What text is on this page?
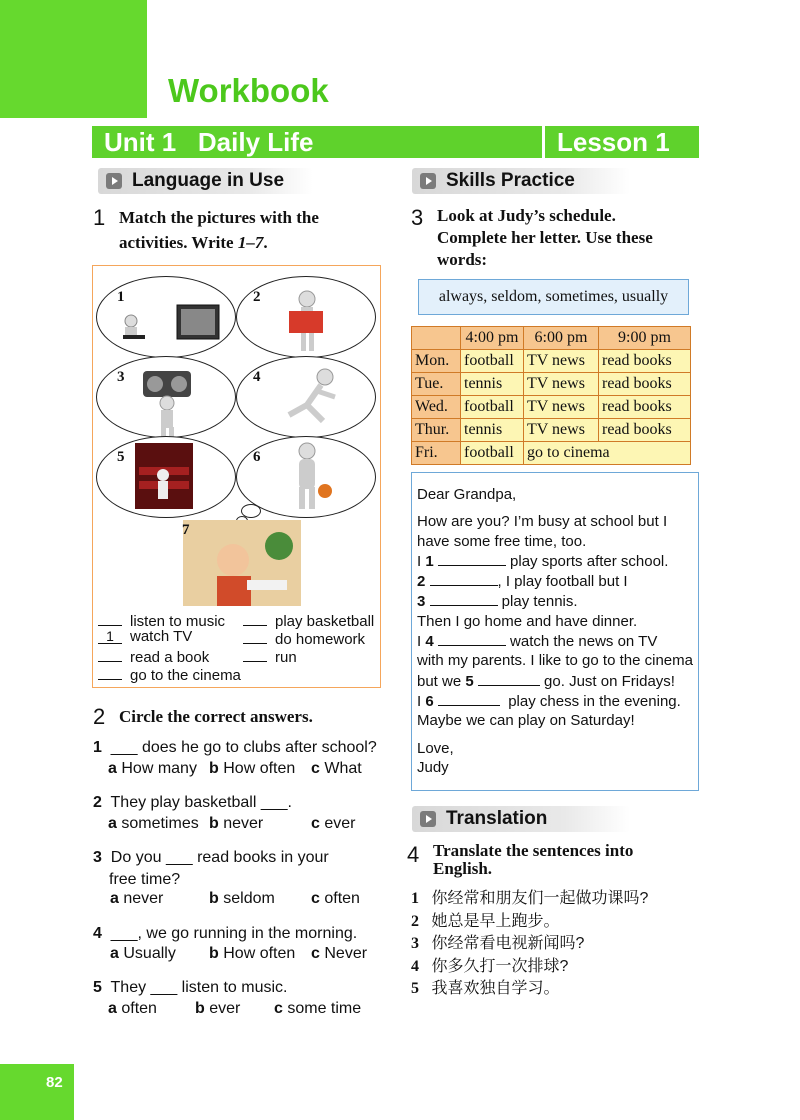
Workbook
Unit 1   Daily Life	Lesson 1
Language in Use
1 Match the pictures with the
activities. Write 1–7.
1	2
3	4
5	6
7
listen to music
1 watch TV
read a book
go to the cinema
play basketball
do homework
run
2 Circle the correct answers.
1 ___ does he go to clubs after school?
a How many b How often c What
2 They play basketball ___.
a sometimes b never	c ever
3 Do you ___ read books in your
free time?
a never	b seldom c often
4 ___, we go running in the morning.
a Usually b How often c Never
5 They ___ listen to music.
a often b ever c some time
Skills Practice
3 Look at Judy’s schedule.
Complete her letter. Use these
words:
always, seldom, sometimes, usually
	4:00 pm	6:00 pm	9:00 pm
Mon.	football	TV news	read books
Tue.	tennis	TV news	read books
Wed.	football	TV news	read books
Thur.	tennis	TV news	read books
Fri.	football	go to cinema	
Dear Grandpa,
How are you? I’m busy at school but I
have some free time, too.
I 1	play sports after school.
2	, I play football but I
3	play tennis.
Then I go home and have dinner.
I 4	watch the news on TV
with my parents. I like to go to the cinema
but we 5	go. Just on Fridays!
I 6	play chess in the evening.
Maybe we can play on Saturday!
Love,
Judy
Translation
4 Translate the sentences into
English.
1 你经常和朋友们一起做功课吗?
2 她总是早上跑步。
3 你经常看电视新闻吗?
4 你多久打一次排球?
5 我喜欢独自学习。
82
